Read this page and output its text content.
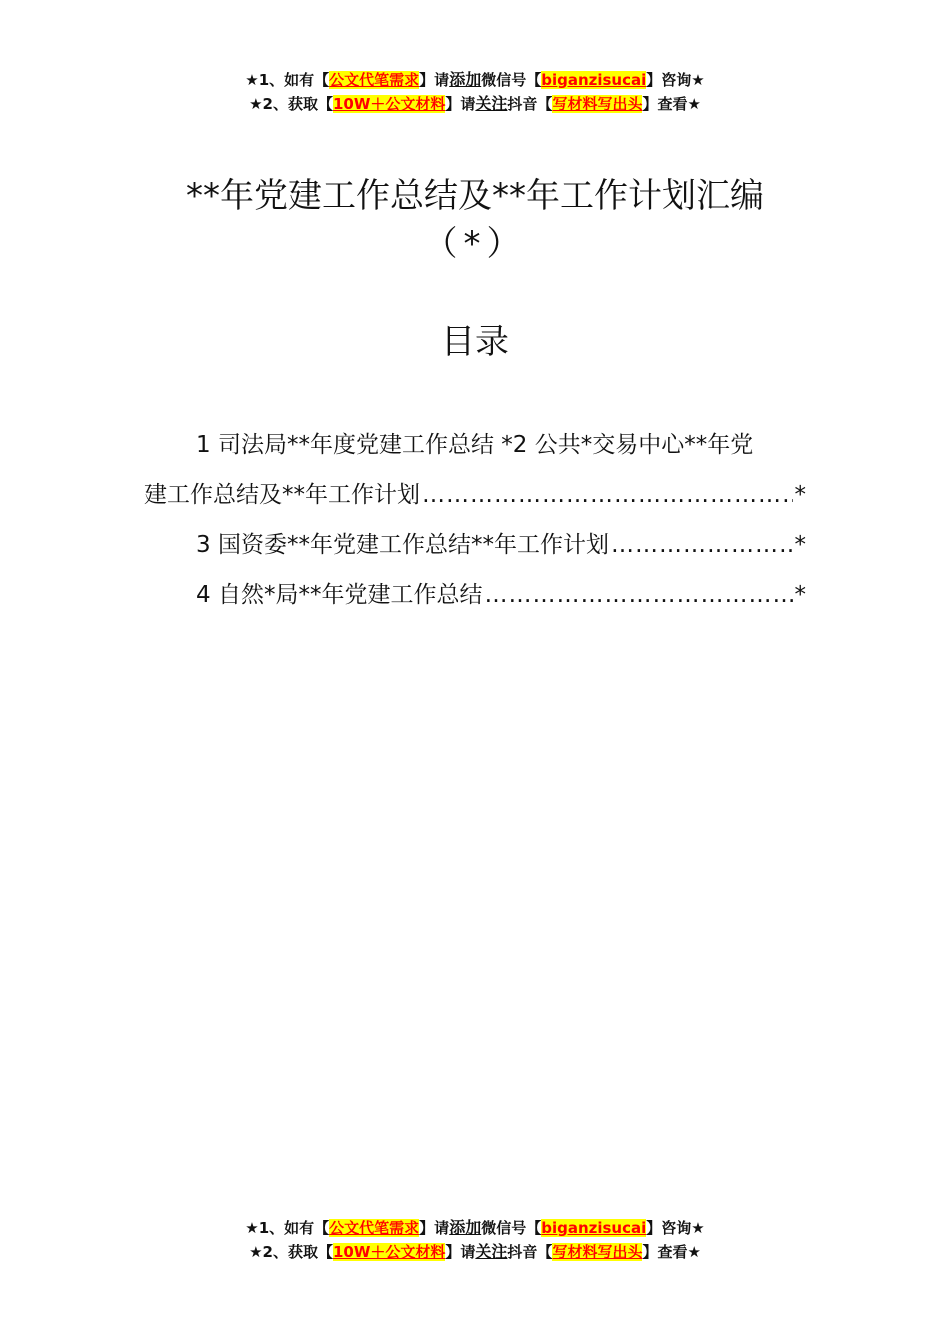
★1、如有【公文代笔需求】请添加微信号【biganzisucai】咨询★
★2、获取【10W＋公文材料】请关注抖音【写材料写出头】查看★
**年党建工作总结及**年工作计划汇编
（*）
目录
1 司法局**年度党建工作总结 *2 公共*交易中心**年党
建工作总结及**年工作计划 ………………………………………………………………………………………………	*
3 国资委**年党建工作总结**年工作计划 ………………………………………………………………………………………………	*
4 自然*局**年党建工作总结 ………………………………………………………………………………………………	*
★1、如有【公文代笔需求】请添加微信号【biganzisucai】咨询★
★2、获取【10W＋公文材料】请关注抖音【写材料写出头】查看★
